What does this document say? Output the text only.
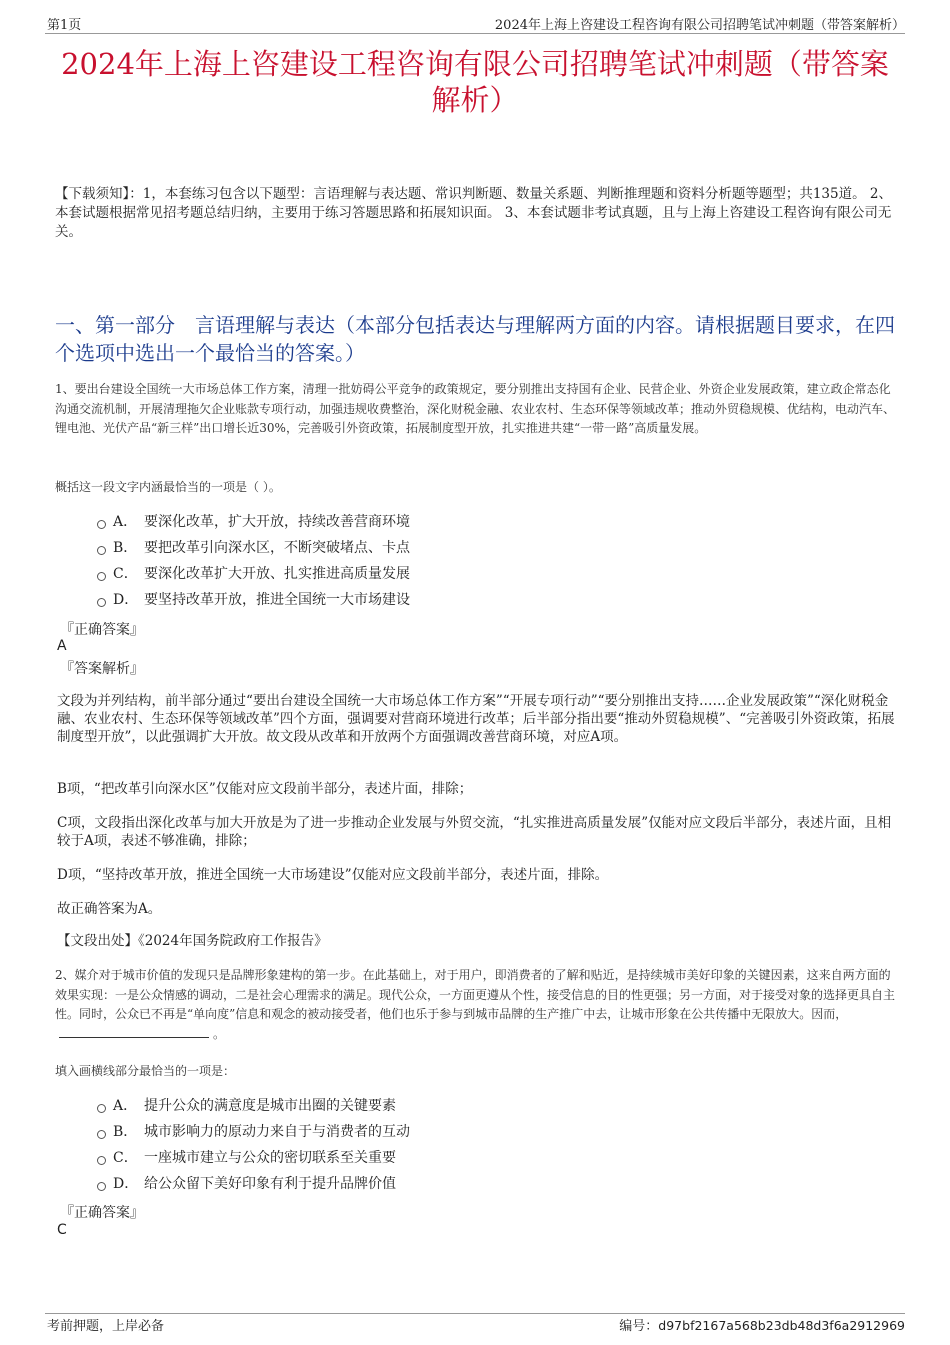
第1页	2024年上海上咨建设工程咨询有限公司招聘笔试冲刺题（带答案解析）
2024年上海上咨建设工程咨询有限公司招聘笔试冲刺题（带答案解析）
【下载须知】：1，本套练习包含以下题型：言语理解与表达题、常识判断题、数量关系题、判断推理题和资料分析题等题型；共135道。 2、本套试题根据常见招考题总结归纳，主要用于练习答题思路和拓展知识面。 3、本套试题非考试真题，且与上海上咨建设工程咨询有限公司无关。
一、第一部分　言语理解与表达（本部分包括表达与理解两方面的内容。请根据题目要求，在四个选项中选出一个最恰当的答案。）
1、要出台建设全国统一大市场总体工作方案，清理一批妨碍公平竞争的政策规定，要分别推出支持国有企业、民营企业、外资企业发展政策，建立政企常态化沟通交流机制，开展清理拖欠企业账款专项行动，加强违规收费整治，深化财税金融、农业农村、生态环保等领域改革；推动外贸稳规模、优结构，电动汽车、锂电池、光伏产品“新三样”出口增长近30%，完善吸引外资政策，拓展制度型开放，扎实推进共建“一带一路”高质量发展。
概括这一段文字内涵最恰当的一项是（ ）。
A． 要深化改革，扩大开放，持续改善营商环境
B． 要把改革引向深水区，不断突破堵点、卡点
C． 要深化改革扩大开放、扎实推进高质量发展
D． 要坚持改革开放，推进全国统一大市场建设
『正确答案』
A
『答案解析』
文段为并列结构，前半部分通过“要出台建设全国统一大市场总体工作方案”“开展专项行动”“要分别推出支持……企业发展政策”“深化财税金融、农业农村、生态环保等领域改革”四个方面，强调要对营商环境进行改革；后半部分指出要“推动外贸稳规模”、“完善吸引外资政策，拓展制度型开放”，以此强调扩大开放。故文段从改革和开放两个方面强调改善营商环境，对应A项。
B项，“把改革引向深水区”仅能对应文段前半部分，表述片面，排除；
C项，文段指出深化改革与加大开放是为了进一步推动企业发展与外贸交流，“扎实推进高质量发展”仅能对应文段后半部分，表述片面，且相较于A项，表述不够准确，排除；
D项，“坚持改革开放，推进全国统一大市场建设”仅能对应文段前半部分，表述片面，排除。
故正确答案为A。
【文段出处】《2024年国务院政府工作报告》
2、媒介对于城市价值的发现只是品牌形象建构的第一步。在此基础上，对于用户，即消费者的了解和贴近，是持续城市美好印象的关键因素，这来自两方面的效果实现：一是公众情感的调动，二是社会心理需求的满足。现代公众，一方面更遵从个性，接受信息的目的性更强；另一方面，对于接受对象的选择更具自主性。同时，公众已不再是“单向度”信息和观念的被动接受者，他们也乐于参与到城市品牌的生产推广中去，让城市形象在公共传播中无限放大。因而，。
填入画横线部分最恰当的一项是：
A． 提升公众的满意度是城市出圈的关键要素
B． 城市影响力的原动力来自于与消费者的互动
C． 一座城市建立与公众的密切联系至关重要
D． 给公众留下美好印象有利于提升品牌价值
『正确答案』
C
考前押题，上岸必备	编号：d97bf2167a568b23db48d3f6a2912969
